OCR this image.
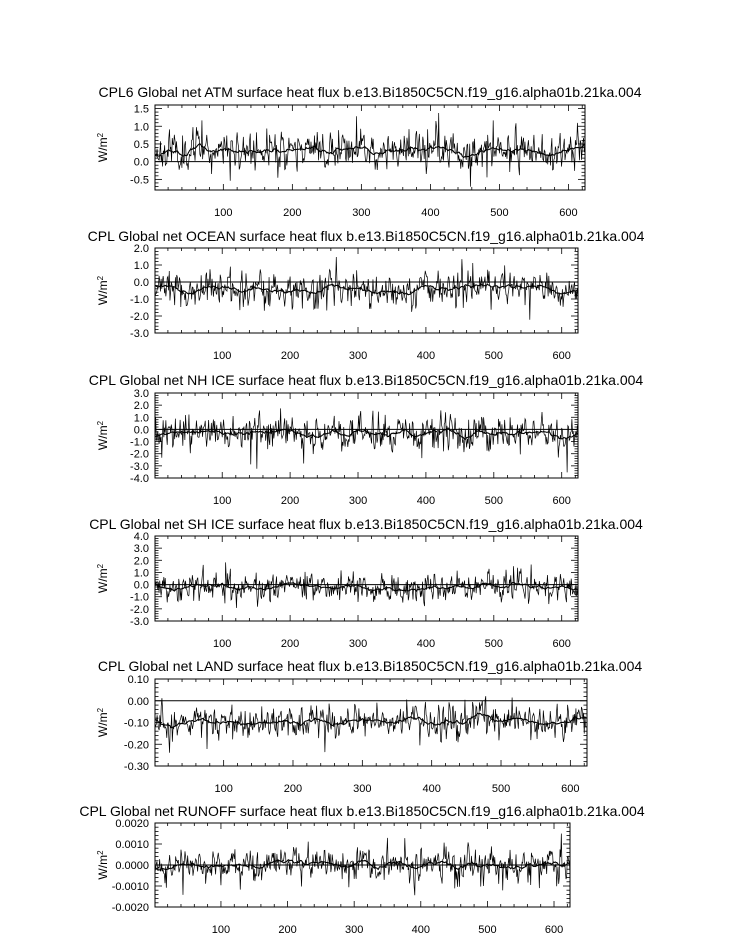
CPL6 Global net ATM surface heat flux b.e13.Bi1850C5CN.f19_g16.alpha01b.21ka.004
$W/m^2$
100	200	300	400	500	600
-0.5
0.0
0.5
1.0
1.5
CPL Global net OCEAN surface heat flux b.e13.Bi1850C5CN.f19_g16.alpha01b.21ka.004
$W/m^2$
100	200	300	400	500	600
-3.0
-2.0
-1.0
0.0
1.0
2.0
CPL Global net NH ICE surface heat flux b.e13.Bi1850C5CN.f19_g16.alpha01b.21ka.004
$W/m^2$
100	200	300	400	500	600
-4.0
-3.0
-2.0
-1.0
0.0
1.0
2.0
3.0
CPL Global net SH ICE surface heat flux b.e13.Bi1850C5CN.f19_g16.alpha01b.21ka.004
$W/m^2$
100	200	300	400	500	600
-3.0
-2.0
-1.0
0.0
1.0
2.0
3.0
4.0
CPL Global net LAND surface heat flux b.e13.Bi1850C5CN.f19_g16.alpha01b.21ka.004
$W/m^2$
100	200	300	400	500	600
-0.30
-0.20
-0.10
0.00
0.10
CPL Global net RUNOFF surface heat flux b.e13.Bi1850C5CN.f19_g16.alpha01b.21ka.004
$W/m^2$
100	200	300	400	500	600
-0.0020
-0.0010
0.0000
0.0010
0.0020
